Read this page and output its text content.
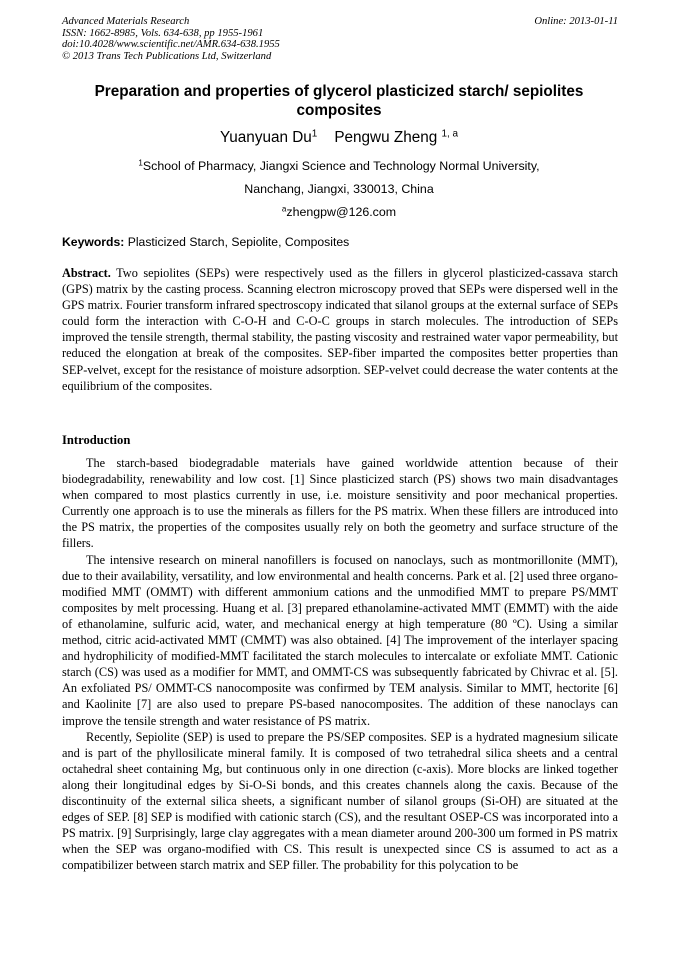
Advanced Materials Research
ISSN: 1662-8985, Vols. 634-638, pp 1955-1961
doi:10.4028/www.scientific.net/AMR.634-638.1955
© 2013 Trans Tech Publications Ltd, Switzerland
Online: 2013-01-11
Preparation and properties of glycerol plasticized starch/ sepiolites composites
Yuanyuan Du$^1$ Pengwu Zheng $^{1, a}$
$^1$School of Pharmacy, Jiangxi Science and Technology Normal University,
Nanchang, Jiangxi, 330013, China
$^a$zhengpw@126.com
Keywords: Plasticized Starch, Sepiolite, Composites

Abstract. Two sepiolites (SEPs) were respectively used as the fillers in glycerol plasticized-cassava starch (GPS) matrix by the casting process. Scanning electron microscopy proved that SEPs were dispersed well in the GPS matrix. Fourier transform infrared spectroscopy indicated that silanol groups at the external surface of SEPs could form the interaction with C-O-H and C-O-C groups in starch molecules. The introduction of SEPs improved the tensile strength, thermal stability, the pasting viscosity and restrained water vapor permeability, but reduced the elongation at break of the composites. SEP-fiber imparted the composites better properties than SEP-velvet, except for the resistance of moisture adsorption. SEP-velvet could decrease the water contents at the equilibrium of the composites.

Introduction

The starch-based biodegradable materials have gained worldwide attention because of their biodegradability, renewability and low cost. [1] Since plasticized starch (PS) shows two main disadvantages when compared to most plastics currently in use, i.e. moisture sensitivity and poor mechanical properties. Currently one approach is to use the minerals as fillers for the PS matrix. When these fillers are introduced into the PS matrix, the properties of the composites usually rely on both the geometry and surface structure of the fillers.

The intensive research on mineral nanofillers is focused on nanoclays, such as montmorillonite (MMT), due to their availability, versatility, and low environmental and health concerns. Park et al. [2] used three organo-modified MMT (OMMT) with different ammonium cations and the unmodified MMT to prepare PS/MMT composites by melt processing. Huang et al. [3] prepared ethanolamine-activated MMT (EMMT) with the aide of ethanolamine, sulfuric acid, water, and mechanical energy at high temperature (80 ºC). Using a similar method, citric acid-activated MMT (CMMT) was also obtained. [4] The improvement of the interlayer spacing and hydrophilicity of modified-MMT facilitated the starch molecules to intercalate or exfoliate MMT. Cationic starch (CS) was used as a modifier for MMT, and OMMT-CS was subsequently fabricated by Chivrac et al. [5]. An exfoliated PS/ OMMT-CS nanocomposite was confirmed by TEM analysis. Similar to MMT, hectorite [6] and Kaolinite [7] are also used to prepare PS-based nanocomposites. The addition of these nanoclays can improve the tensile strength and water resistance of PS matrix.

Recently, Sepiolite (SEP) is used to prepare the PS/SEP composites. SEP is a hydrated magnesium silicate and is part of the phyllosilicate mineral family. It is composed of two tetrahedral silica sheets and a central octahedral sheet containing Mg, but continuous only in one direction (c-axis). More blocks are linked together along their longitudinal edges by Si-O-Si bonds, and this creates channels along the caxis. Because of the discontinuity of the external silica sheets, a significant number of silanol groups (Si-OH) are situated at the edges of SEP. [8] SEP is modified with cationic starch (CS), and the resultant OSEP-CS was incorporated into a PS matrix. [9] Surprisingly, large clay aggregates with a mean diameter around 200-300 um formed in PS matrix when the SEP was organo-modified with CS. This result is unexpected since CS is assumed to act as a compatibilizer between starch matrix and SEP filler. The probability for this polycation to be
